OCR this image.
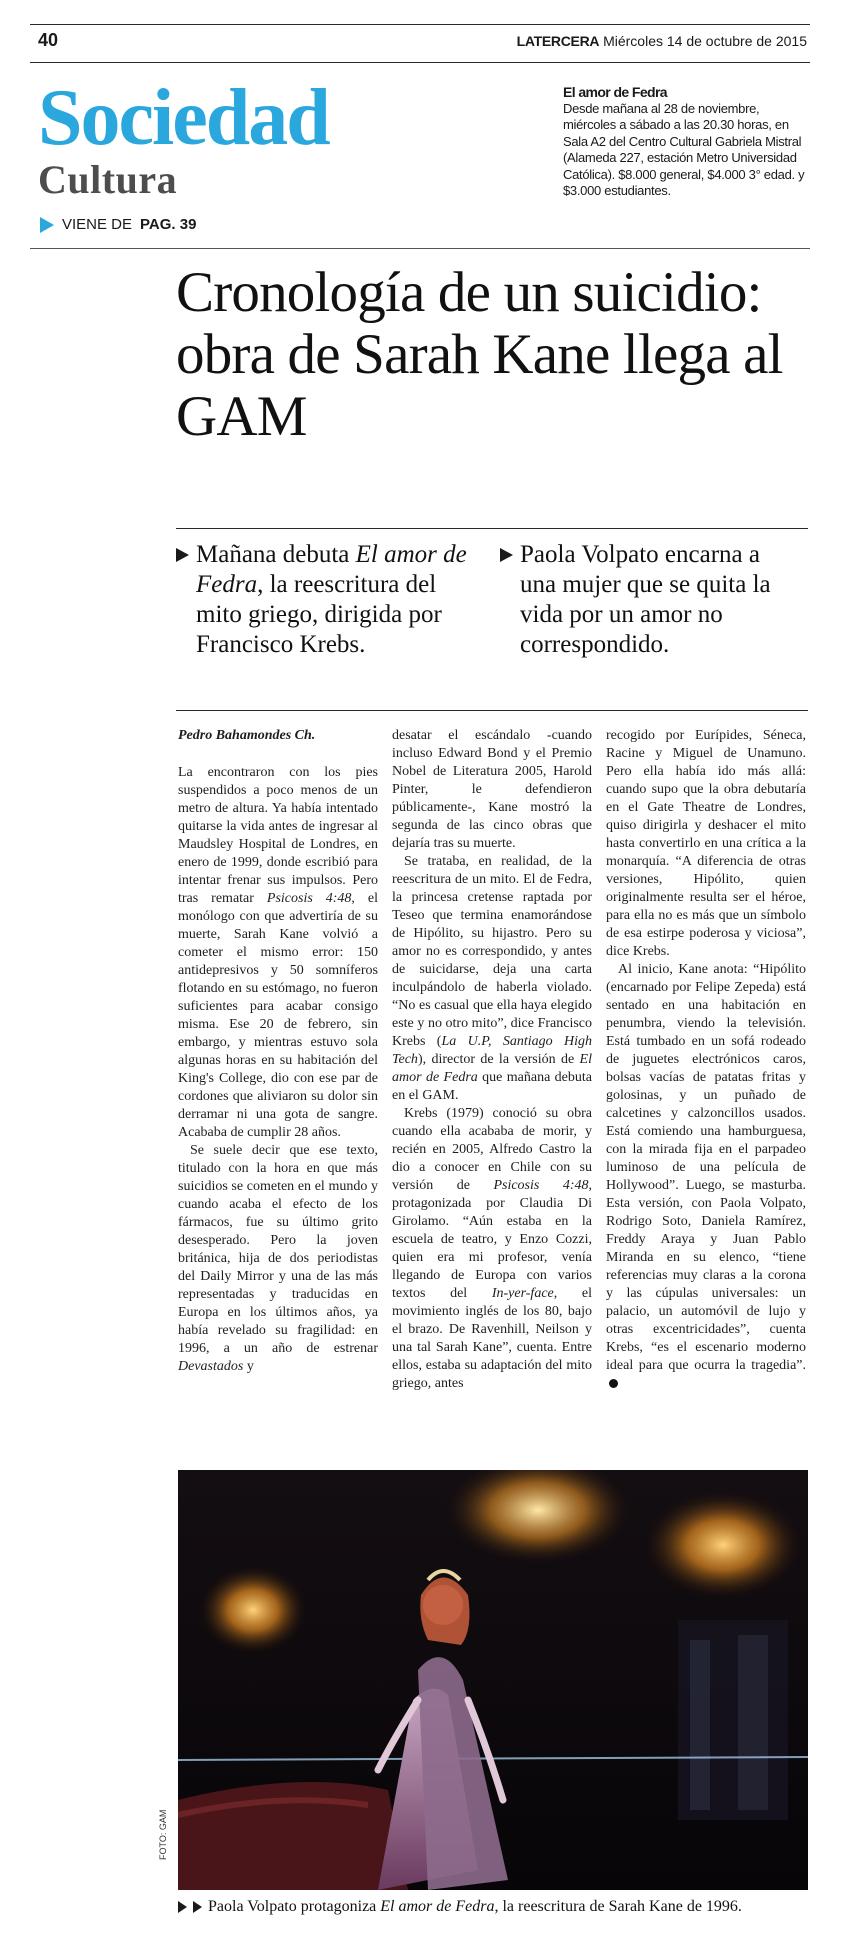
40	LATERCERA Miércoles 14 de octubre de 2015
Sociedad
Cultura
VIENE DE PAG. 39
El amor de Fedra
Desde mañana al 28 de noviembre, miércoles a sábado a las 20.30 horas, en Sala A2 del Centro Cultural Gabriela Mistral (Alameda 227, estación Metro Universidad Católica). $8.000 general, $4.000 3° edad. y $3.000 estudiantes.
Cronología de un suicidio: obra de Sarah Kane llega al GAM
Mañana debuta El amor de Fedra, la reescritura del mito griego, dirigida por Francisco Krebs.
Paola Volpato encarna a una mujer que se quita la vida por un amor no correspondido.

Pedro Bahamondes Ch.

La encontraron con los pies suspendidos a poco menos de un metro de altura. Ya había intentado quitarse la vida antes de ingresar al Maudsley Hospital de Londres, en enero de 1999, donde escribió para intentar frenar sus impulsos. Pero tras rematar Psicosis 4:48, el monólogo con que advertiría de su muerte, Sarah Kane volvió a cometer el mismo error: 150 antidepresivos y 50 somníferos flotando en su estómago, no fueron suficientes para acabar consigo misma. Ese 20 de febrero, sin embargo, y mientras estuvo sola algunas horas en su habitación del King's College, dio con ese par de cordones que aliviaron su dolor sin derramar ni una gota de sangre. Acababa de cumplir 28 años.

Se suele decir que ese texto, titulado con la hora en que más suicidios se cometen en el mundo y cuando acaba el efecto de los fármacos, fue su último grito desesperado. Pero la joven británica, hija de dos periodistas del Daily Mirror y una de las más representadas y traducidas en Europa en los últimos años, ya había revelado su fragilidad: en 1996, a un año de estrenar Devastados y

desatar el escándalo -cuando incluso Edward Bond y el Premio Nobel de Literatura 2005, Harold Pinter, le defendieron públicamente-, Kane mostró la segunda de las cinco obras que dejaría tras su muerte.

Se trataba, en realidad, de la reescritura de un mito. El de Fedra, la princesa cretense raptada por Teseo que termina enamorándose de Hipólito, su hijastro. Pero su amor no es correspondido, y antes de suicidarse, deja una carta inculpándolo de haberla violado. “No es casual que ella haya elegido este y no otro mito”, dice Francisco Krebs (La U.P, Santiago High Tech), director de la versión de El amor de Fedra que mañana debuta en el GAM.

Krebs (1979) conoció su obra cuando ella acababa de morir, y recién en 2005, Alfredo Castro la dio a conocer en Chile con su versión de Psicosis 4:48, protagonizada por Claudia Di Girolamo. “Aún estaba en la escuela de teatro, y Enzo Cozzi, quien era mi profesor, venía llegando de Europa con varios textos del In-yer-face, el movimiento inglés de los 80, bajo el brazo. De Ravenhill, Neilson y una tal Sarah Kane”, cuenta. Entre ellos, estaba su adaptación del mito griego, antes

recogido por Eurípides, Séneca, Racine y Miguel de Unamuno. Pero ella había ido más allá: cuando supo que la obra debutaría en el Gate Theatre de Londres, quiso dirigirla y deshacer el mito hasta convertirlo en una crítica a la monarquía. “A diferencia de otras versiones, Hipólito, quien originalmente resulta ser el héroe, para ella no es más que un símbolo de esa estirpe poderosa y viciosa”, dice Krebs.

Al inicio, Kane anota: “Hipólito (encarnado por Felipe Zepeda) está sentado en una habitación en penumbra, viendo la televisión. Está tumbado en un sofá rodeado de juguetes electrónicos caros, bolsas vacías de patatas fritas y golosinas, y un puñado de calcetines y calzoncillos usados. Está comiendo una hamburguesa, con la mirada fija en el parpadeo luminoso de una película de Hollywood”. Luego, se masturba. Esta versión, con Paola Volpato, Rodrigo Soto, Daniela Ramírez, Freddy Araya y Juan Pablo Miranda en su elenco, “tiene referencias muy claras a la corona y las cúpulas universales: un palacio, un automóvil de lujo y otras excentricidades”, cuenta Krebs, “es el escenario moderno ideal para que ocurra la tragedia”.

FOTO: GAM
Paola Volpato protagoniza El amor de Fedra, la reescritura de Sarah Kane de 1996.
